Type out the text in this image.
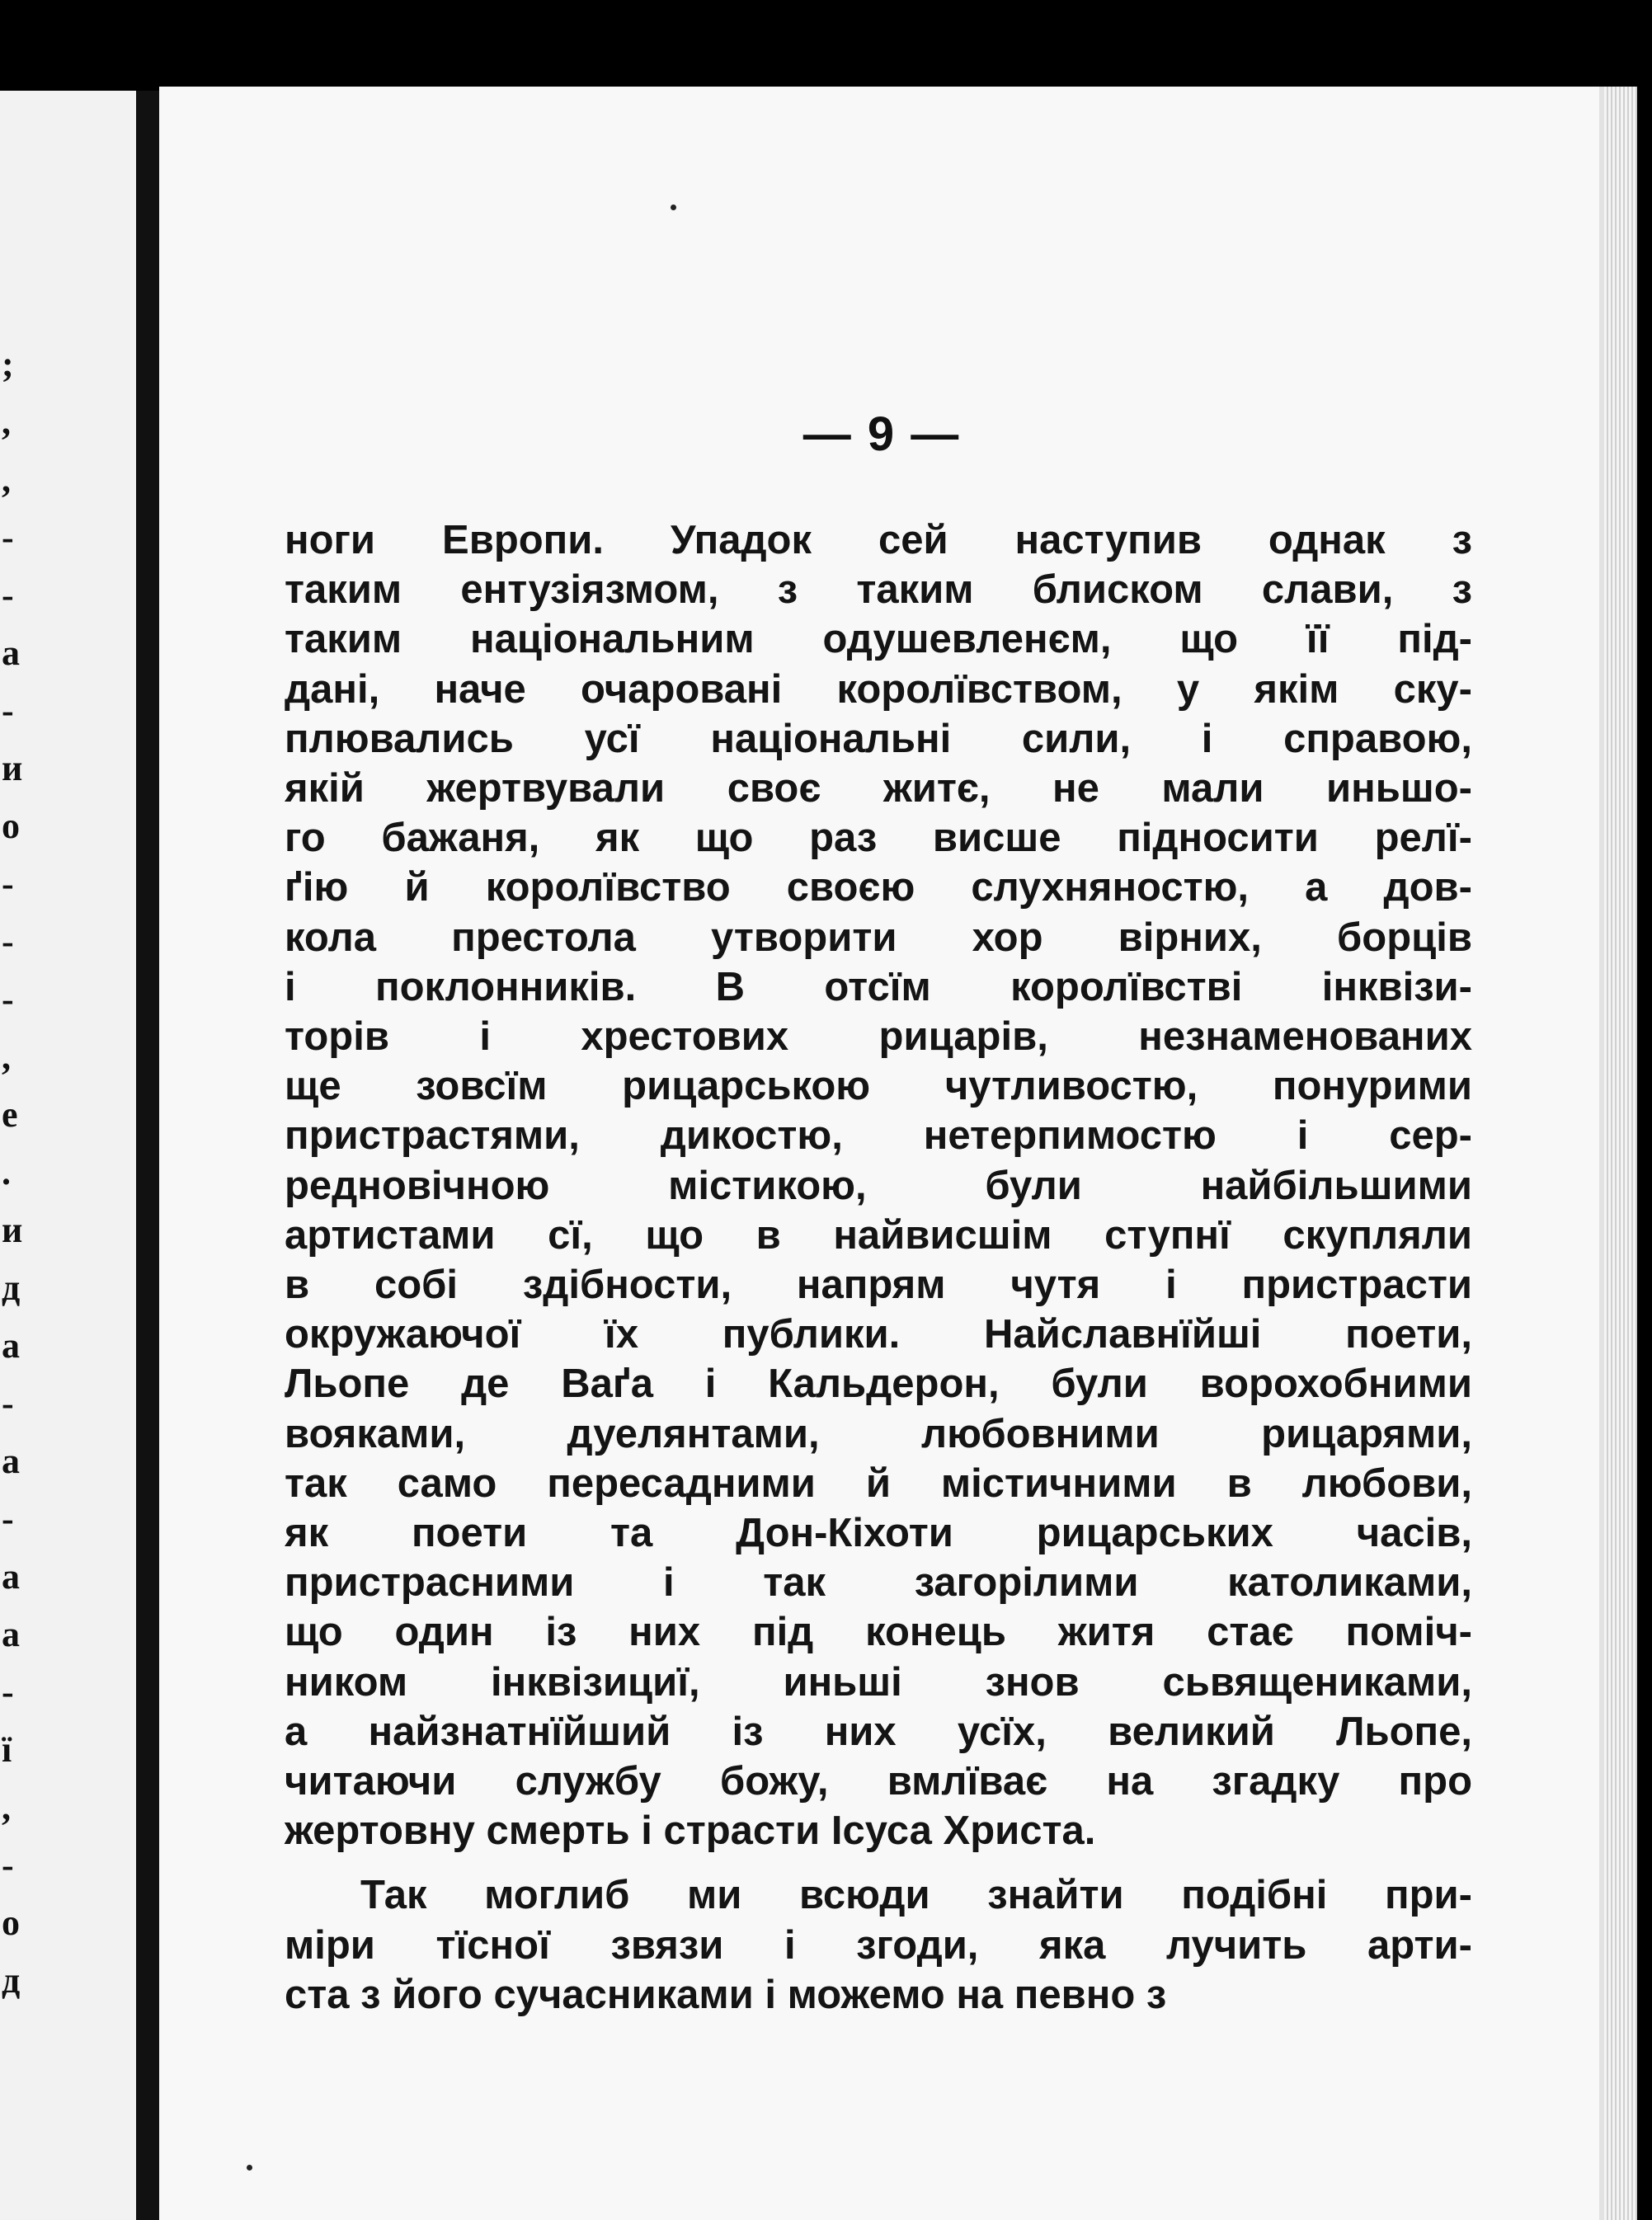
;
,
,
-
-
а
-
и
о
-
-
-
,
е
.
и
д
а
-
а
-
а
а
-
ї
,
-
о
д
— 9 —
ноги Европи. Упадок сей наступив однак з
таким ентузіязмом, з таким блиском слави, з
таким національним одушевленєм, що її під-
дані, наче очаровані королївством, у якім ску-
плювались усї національні сили, і справою,
якій жертвували своє житє, не мали иньшо-
го бажаня, як що раз висше підносити релї-
ґію й королївство своєю слухняностю, а дов-
кола престола утворити хор вірних, борців
і поклонників. В отсїм королївстві інквізи-
торів і хрестових рицарів, незнаменованих
ще зовсїм рицарською чутливостю, понурими
пристрастями, дикостю, нетерпимостю і сер-
редновічною містикою, були найбільшими
артистами сї, що в найвисшім ступнї скупляли
в собі здібности, напрям чутя і пристрасти
окружаючої їх публики. Найславнїйші поети,
Льопе де Ваґа і Кальдерон, були ворохобними
вояками, дуелянтами, любовними рицарями,
так само пересадними й містичними в любови,
як поети та Дон-Кіхоти рицарських часів,
пристрасними і так загорілими католиками,
що один із них під конець житя стає поміч-
ником інквізициї, иньші знов сьвящениками,
а найзнатнїйший із них усїх, великий Льопе,
читаючи службу божу, вмлїває на згадку про
жертовну смерть і страсти Ісуса Христа.
Так моглиб ми всюди знайти подібні при-
міри тїсної звязи і згоди, яка лучить арти-
ста з його сучасниками і можемо на певно з
